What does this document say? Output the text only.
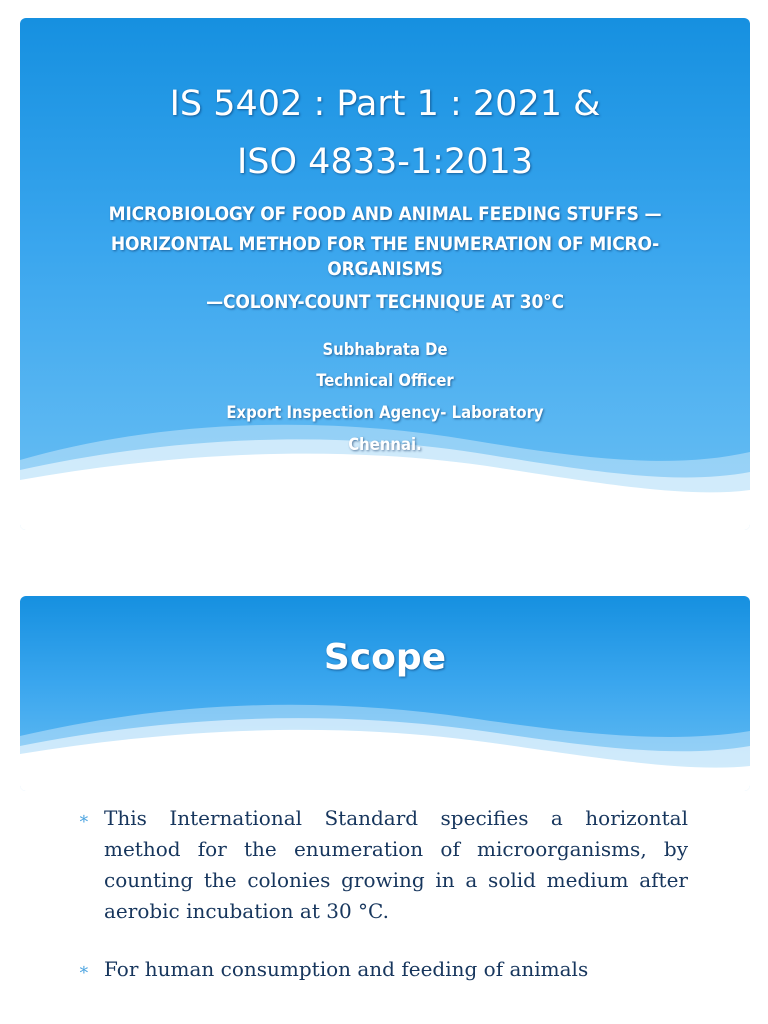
IS 5402 : Part 1 : 2021 &
ISO 4833-1:2013
MICROBIOLOGY OF FOOD AND ANIMAL FEEDING STUFFS —
HORIZONTAL METHOD FOR THE ENUMERATION OF MICRO-
ORGANISMS
—COLONY-COUNT TECHNIQUE AT 30°C
Subhabrata De
Technical Officer
Export Inspection Agency- Laboratory
Chennai.
Scope
∗ This International Standard specifies a horizontal method for the enumeration of microorganisms, by counting the colonies growing in a solid medium after aerobic incubation at 30 °C.
∗ For human consumption and feeding of animals
